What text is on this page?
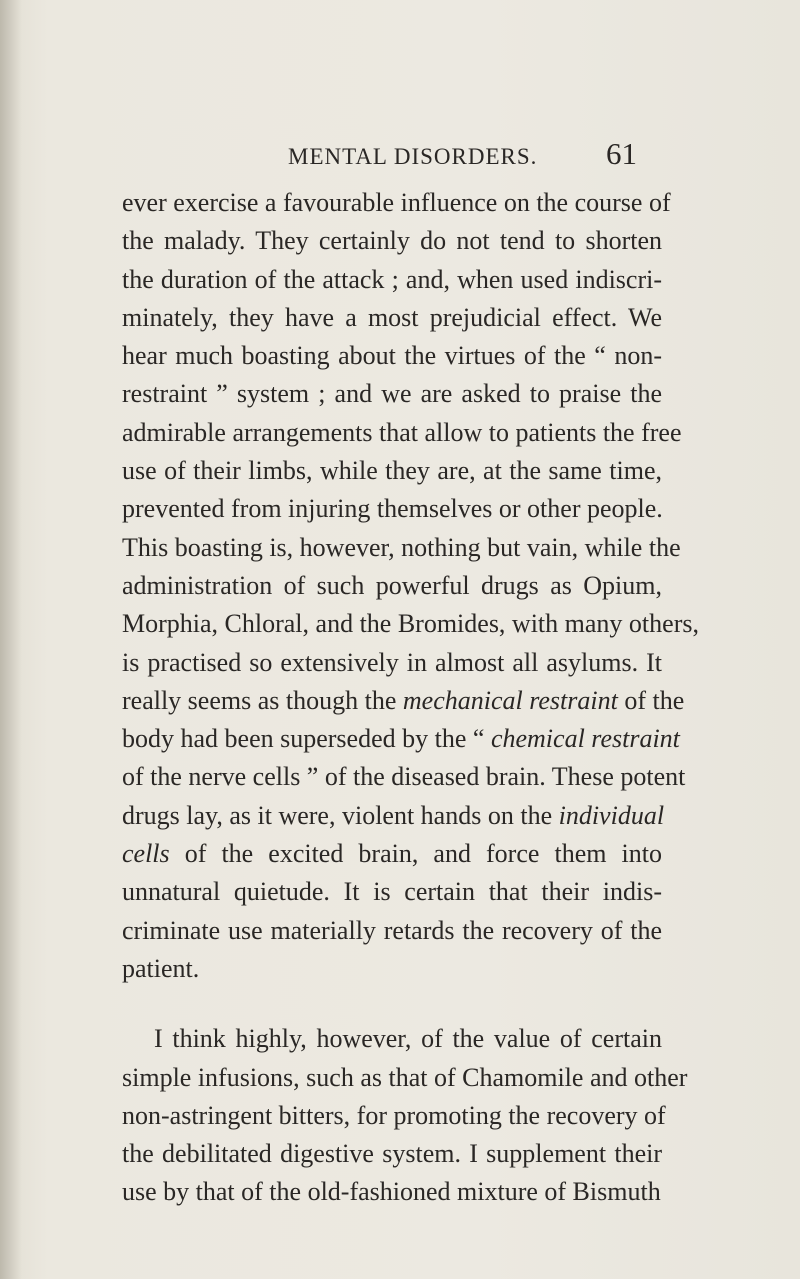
MENTAL DISORDERS. 61
ever exercise a favourable influence on the course of
the malady. They certainly do not tend to shorten
the duration of the attack ; and, when used indiscri-
minately, they have a most prejudicial effect. We
hear much boasting about the virtues of the “ non-
restraint ” system ; and we are asked to praise the
admirable arrangements that allow to patients the free
use of their limbs, while they are, at the same time,
prevented from injuring themselves or other people.
This boasting is, however, nothing but vain, while the
administration of such powerful drugs as Opium,
Morphia, Chloral, and the Bromides, with many others,
is practised so extensively in almost all asylums. It
really seems as though the mechanical restraint of the
body had been superseded by the “ chemical restraint
of the nerve cells ” of the diseased brain. These potent
drugs lay, as it were, violent hands on the individual
cells of the excited brain, and force them into
unnatural quietude. It is certain that their indis-
criminate use materially retards the recovery of the
patient.
I think highly, however, of the value of certain
simple infusions, such as that of Chamomile and other
non-astringent bitters, for promoting the recovery of
the debilitated digestive system. I supplement their
use by that of the old-fashioned mixture of Bismuth
